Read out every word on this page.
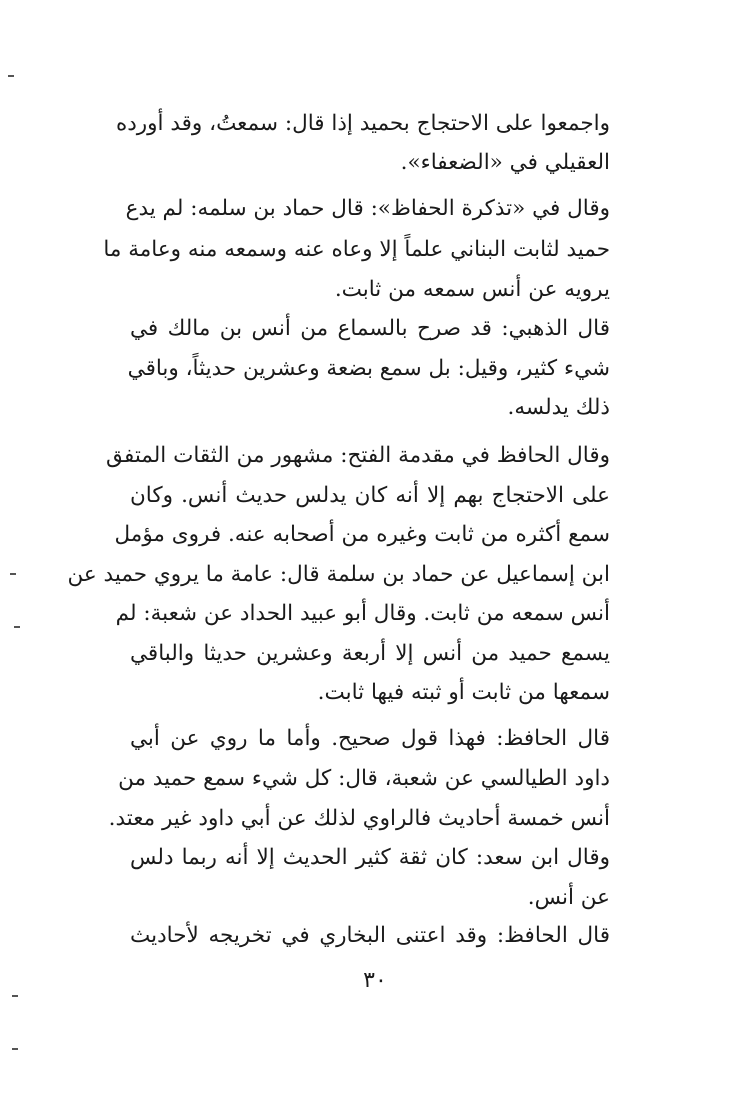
واجمعوا على الاحتجاج بحميد إذا قال: سمعتُ، وقد أورده
العقيلي في «الضعفاء».
وقال في «تذكرة الحفاظ»: قال حماد بن سلمه: لم يدع
حميد لثابت البناني علماً إلا وعاه عنه وسمعه منه وعامة ما
يرويه عن أنس سمعه من ثابت.
قال الذهبي: قد صرح بالسماع من أنس بن مالك في
شيء كثير، وقيل: بل سمع بضعة وعشرين حديثاً، وباقي
ذلك يدلسه.
وقال الحافظ في مقدمة الفتح: مشهور من الثقات المتفق
على الاحتجاج بهم إلا أنه كان يدلس حديث أنس. وكان
سمع أكثره من ثابت وغيره من أصحابه عنه. فروى مؤمل
ابن إسماعيل عن حماد بن سلمة قال: عامة ما يروي حميد عن
أنس سمعه من ثابت. وقال أبو عبيد الحداد عن شعبة: لم
يسمع حميد من أنس إلا أربعة وعشرين حديثا والباقي
سمعها من ثابت أو ثبته فيها ثابت.
قال الحافظ: فهذا قول صحيح. وأما ما روي عن أبي
داود الطيالسي عن شعبة، قال: كل شيء سمع حميد من
أنس خمسة أحاديث فالراوي لذلك عن أبي داود غير معتد.
وقال ابن سعد: كان ثقة كثير الحديث إلا أنه ربما دلس
عن أنس.
قال الحافظ: وقد اعتنى البخاري في تخريجه لأحاديث
٣٠
